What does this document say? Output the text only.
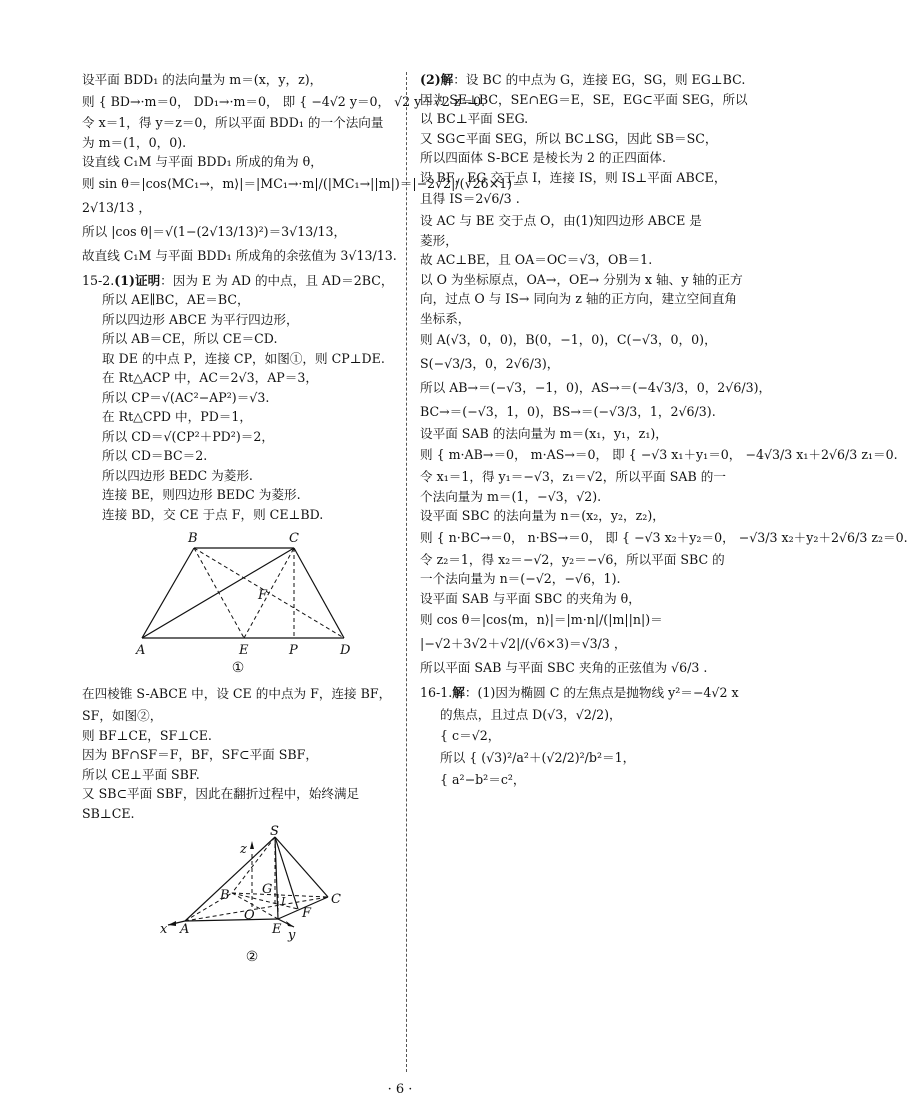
设平面 BDD₁ 的法向量为 m＝(x，y，z)，

则 { BD→·m＝0， DD₁→·m＝0， 即 { −4√2 y＝0， √2 y＋√2 z＝0.

令 x＝1，得 y＝z＝0，所以平面 BDD₁ 的一个法向量

为 m＝(1，0，0).

设直线 C₁M 与平面 BDD₁ 所成的角为 θ，

则 sin θ＝|cos⟨MC₁→，m⟩|＝|MC₁→·m|/(|MC₁→||m|)＝|−2√2|/(√26×1)＝

2√13/13 ，

所以 |cos θ|＝√(1−(2√13/13)²)＝3√13/13，

故直线 C₁M 与平面 BDD₁ 所成角的余弦值为 3√13/13.

15-2.(1)证明：因为 E 为 AD 的中点，且 AD＝2BC，

所以 AE∥BC，AE＝BC，

所以四边形 ABCE 为平行四边形，

所以 AB＝CE，所以 CE＝CD.

取 DE 的中点 P，连接 CP，如图①，则 CP⊥DE.

在 Rt△ACP 中，AC＝2√3，AP＝3，

所以 CP＝√(AC²−AP²)＝√3.

在 Rt△CPD 中，PD＝1，

所以 CD＝√(CP²＋PD²)＝2，

所以 CD＝BC＝2.

所以四边形 BEDC 为菱形.

连接 BE，则四边形 BEDC 为菱形.

连接 BD，交 CE 于点 F，则 CE⊥BD.

B	C
F
A	E	P	D
①

在四棱锥 S-ABCE 中，设 CE 的中点为 F，连接 BF，

SF，如图②，

则 BF⊥CE，SF⊥CE.

因为 BF∩SF＝F，BF，SF⊂平面 SBF，

所以 CE⊥平面 SBF.

又 SB⊂平面 SBF，因此在翻折过程中，始终满足

SB⊥CE.

S
z
B G
C
O
I
x A	E
F
y
②

(2)解：设 BC 的中点为 G，连接 EG，SG，则 EG⊥BC.

因为 SE⊥BC，SE∩EG＝E，SE，EG⊂平面 SEG，所以

以 BC⊥平面 SEG.

又 SG⊂平面 SEG，所以 BC⊥SG，因此 SB＝SC，

所以四面体 S-BCE 是棱长为 2 的正四面体.

设 BF，EG 交于点 I，连接 IS，则 IS⊥平面 ABCE，

且得 IS＝2√6/3 .

设 AC 与 BE 交于点 O，由(1)知四边形 ABCE 是

菱形，

故 AC⊥BE，且 OA＝OC＝√3，OB＝1.

以 O 为坐标原点，OA→，OE→ 分别为 x 轴、y 轴的正方

向，过点 O 与 IS→ 同向为 z 轴的正方向，建立空间直角

坐标系，

则 A(√3，0，0)，B(0，−1，0)，C(−√3，0，0)，

S(−√3/3，0，2√6/3)，

所以 AB→＝(−√3，−1，0)，AS→＝(−4√3/3，0，2√6/3)，

BC→＝(−√3，1，0)，BS→＝(−√3/3，1，2√6/3).

设平面 SAB 的法向量为 m＝(x₁，y₁，z₁)，

则 { m·AB→＝0， m·AS→＝0， 即 { −√3 x₁＋y₁＝0， −4√3/3 x₁＋2√6/3 z₁＝0.

令 x₁＝1，得 y₁＝−√3，z₁＝√2，所以平面 SAB 的一

个法向量为 m＝(1，−√3，√2).

设平面 SBC 的法向量为 n＝(x₂，y₂，z₂)，

则 { n·BC→＝0， n·BS→＝0， 即 { −√3 x₂＋y₂＝0， −√3/3 x₂＋y₂＋2√6/3 z₂＝0.

令 z₂＝1，得 x₂＝−√2，y₂＝−√6，所以平面 SBC 的

一个法向量为 n＝(−√2，−√6，1).

设平面 SAB 与平面 SBC 的夹角为 θ，

则 cos θ＝|cos⟨m，n⟩|＝|m·n|/(|m||n|)＝

|−√2＋3√2＋√2|/(√6×3)＝√3/3 ，

所以平面 SAB 与平面 SBC 夹角的正弦值为 √6/3 .

16-1.解：(1)因为椭圆 C 的左焦点是抛物线 y²＝−4√2 x

的焦点，且过点 D(√3，√2/2)，

{ c＝√2，

所以 { (√3)²/a²＋(√2/2)²/b²＝1，

{ a²−b²＝c²，

· 6 ·
